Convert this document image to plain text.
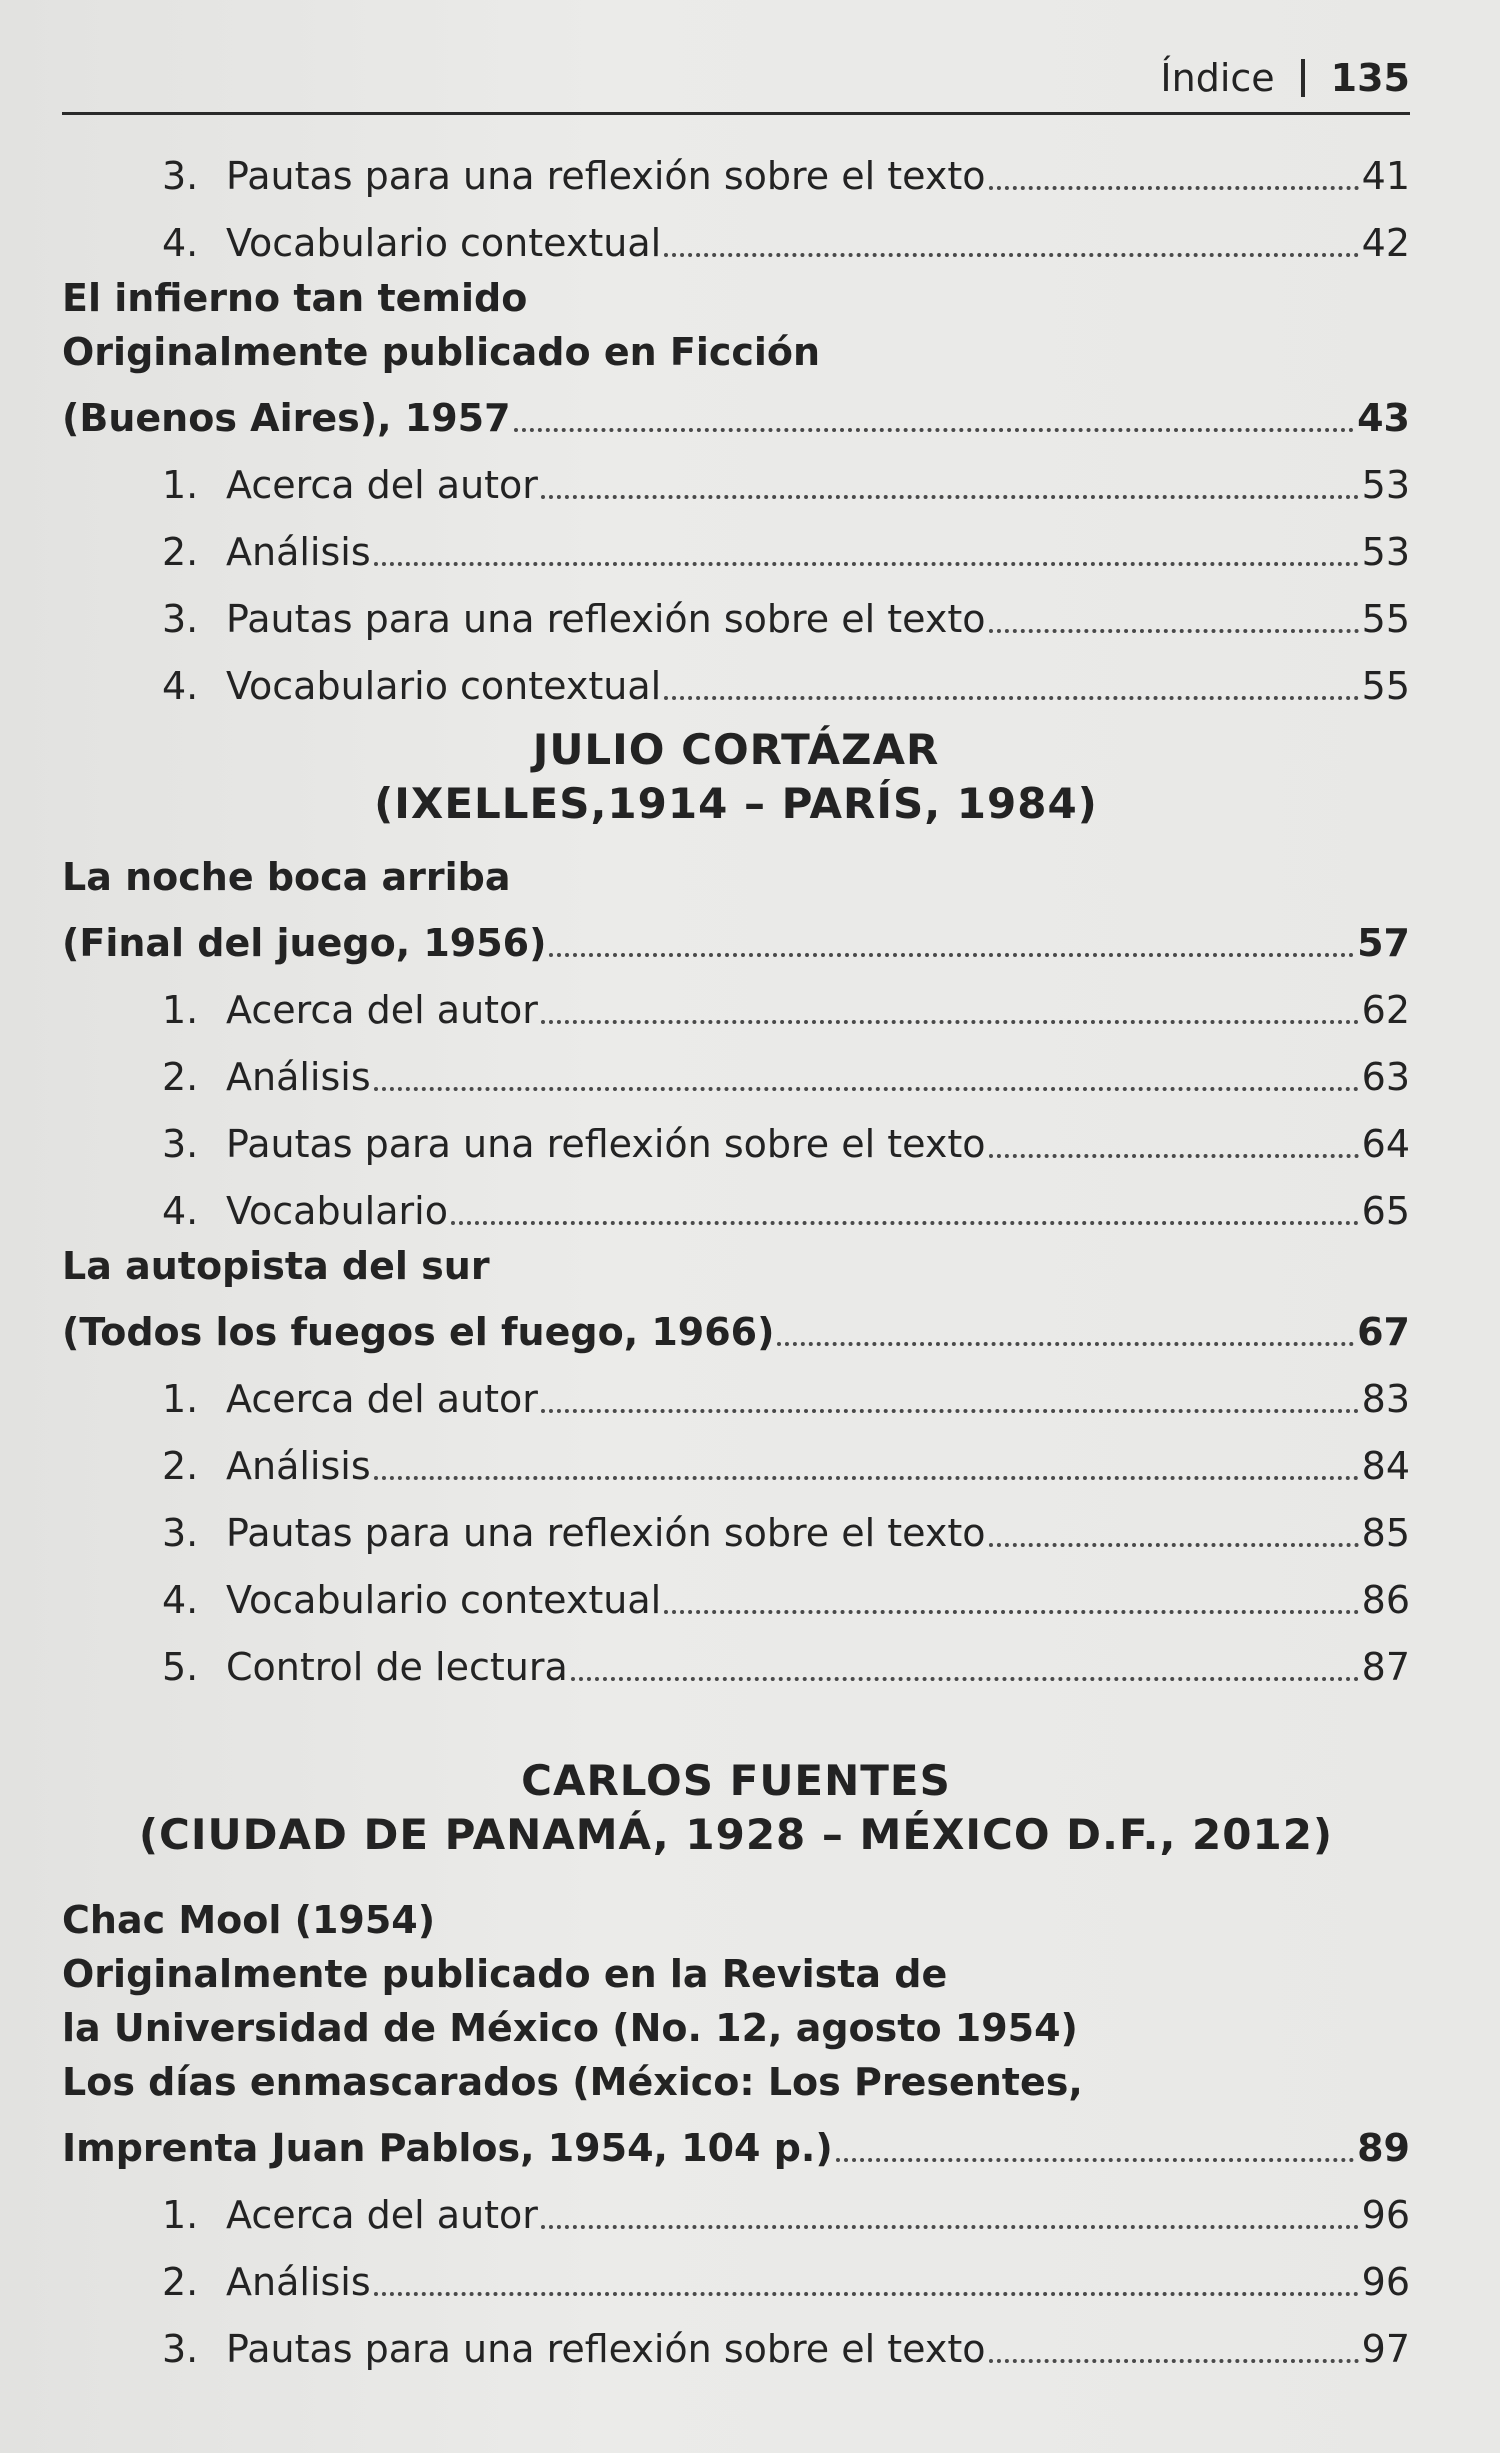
Índice 135
3. Pautas para una reflexión sobre el texto	41
4. Vocabulario contextual	42
El infierno tan temido
Originalmente publicado en Ficción
(Buenos Aires), 1957	43
1. Acerca del autor	53
2. Análisis	53
3. Pautas para una reflexión sobre el texto	55
4. Vocabulario contextual	55
JULIO CORTÁZAR
(IXELLES,1914 – PARÍS, 1984)
La noche boca arriba
(Final del juego, 1956)	57
1. Acerca del autor	62
2. Análisis	63
3. Pautas para una reflexión sobre el texto	64
4. Vocabulario	65
La autopista del sur
(Todos los fuegos el fuego, 1966)	67
1. Acerca del autor	83
2. Análisis	84
3. Pautas para una reflexión sobre el texto	85
4. Vocabulario contextual	86
5. Control de lectura	87
CARLOS FUENTES
(CIUDAD DE PANAMÁ, 1928 – MÉXICO D.F., 2012)
Chac Mool (1954)
Originalmente publicado en la Revista de
la Universidad de México (No. 12, agosto 1954)
Los días enmascarados (México: Los Presentes,
Imprenta Juan Pablos, 1954, 104 p.)	89
1. Acerca del autor	96
2. Análisis	96
3. Pautas para una reflexión sobre el texto	97
